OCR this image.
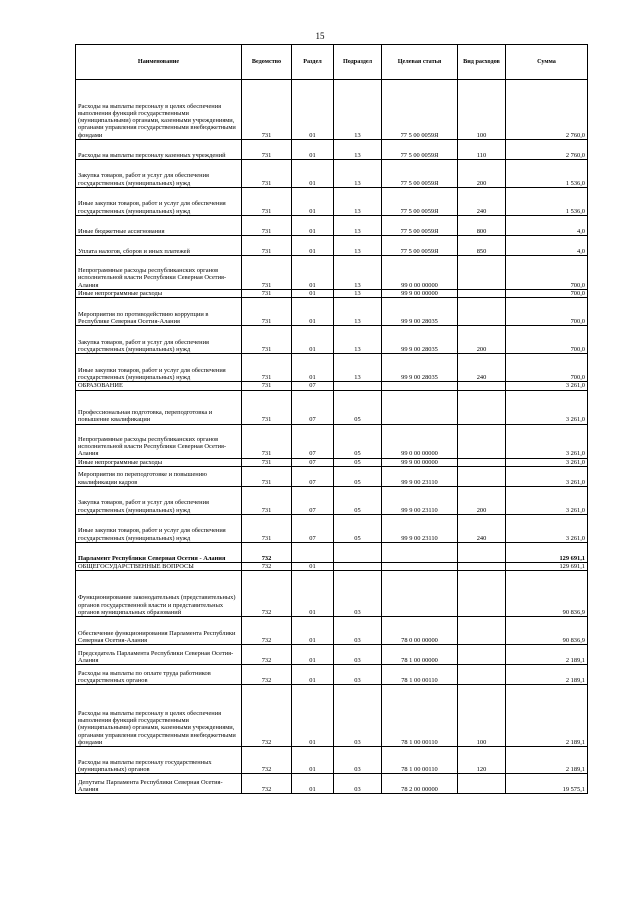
15
Наименование	Ведомство	Раздел	Подраздел	Целевая статья	Вид расходов	Сумма
Расходы на выплаты персоналу в целях обеспечения выполнения функций государственными (муниципальными) органами, казенными учреждениями, органами управления государственными внебюджетными фондами	731	01	13	77 5 00 0059Я	100	2 760,0
Расходы на выплаты персоналу казенных учреждений	731	01	13	77 5 00 0059Я	110	2 760,0
Закупка товаров, работ и услуг для обеспечения государственных (муниципальных) нужд	731	01	13	77 5 00 0059Я	200	1 536,0
Иные закупки товаров, работ и услуг для обеспечения государственных (муниципальных) нужд	731	01	13	77 5 00 0059Я	240	1 536,0
Иные бюджетные ассигнования	731	01	13	77 5 00 0059Я	800	4,0
Уплата налогов, сборов и иных платежей	731	01	13	77 5 00 0059Я	850	4,0
Непрограммные расходы республиканских органов исполнительной власти Республики Северная Осетия-Алания	731	01	13	99 0 00 00000		700,0
Иные непрограммные расходы	731	01	13	99 9 00 00000		700,0
Мероприятия по противодействию коррупции в Республике Северная Осетия-Алания	731	01	13	99 9 00 28035		700,0
Закупка товаров, работ и услуг для обеспечения государственных (муниципальных) нужд	731	01	13	99 9 00 28035	200	700,0
Иные закупки товаров, работ и услуг для обеспечения государственных (муниципальных) нужд	731	01	13	99 9 00 28035	240	700,0
ОБРАЗОВАНИЕ	731	07				3 261,0
Профессиональная подготовка, переподготовка и повышение квалификации	731	07	05			3 261,0
Непрограммные расходы республиканских органов исполнительной власти Республики Северная Осетия-Алания	731	07	05	99 0 00 00000		3 261,0
Иные непрограммные расходы	731	07	05	99 9 00 00000		3 261,0
Мероприятия по переподготовке и повышению квалификации кадров	731	07	05	99 9 00 23110		3 261,0
Закупка товаров, работ и услуг для обеспечения государственных (муниципальных) нужд	731	07	05	99 9 00 23110	200	3 261,0
Иные закупки товаров, работ и услуг для обеспечения государственных (муниципальных) нужд	731	07	05	99 9 00 23110	240	3 261,0
Парламент Республики Северная Осетия - Алания	732					129 691,1
ОБЩЕГОСУДАРСТВЕННЫЕ ВОПРОСЫ	732	01				129 691,1
Функционирование законодательных (представительных) органов государственной власти и представительных органов муниципальных образований	732	01	03			90 836,9
Обеспечение функционирования Парламента Республики Северная Осетия-Алания	732	01	03	78 0 00 00000		90 836,9
Председатель Парламента Республики Северная Осетия-Алания	732	01	03	78 1 00 00000		2 189,1
Расходы на выплаты по оплате труда работников государственных органов	732	01	03	78 1 00 00110		2 189,1
Расходы на выплаты персоналу в целях обеспечения выполнения функций государственными (муниципальными) органами, казенными учреждениями, органами управления государственными внебюджетными фондами	732	01	03	78 1 00 00110	100	2 189,1
Расходы на выплаты персоналу государственных (муниципальных) органов	732	01	03	78 1 00 00110	120	2 189,1
Депутаты Парламента Республики Северная Осетия-Алания	732	01	03	78 2 00 00000		19 575,1
